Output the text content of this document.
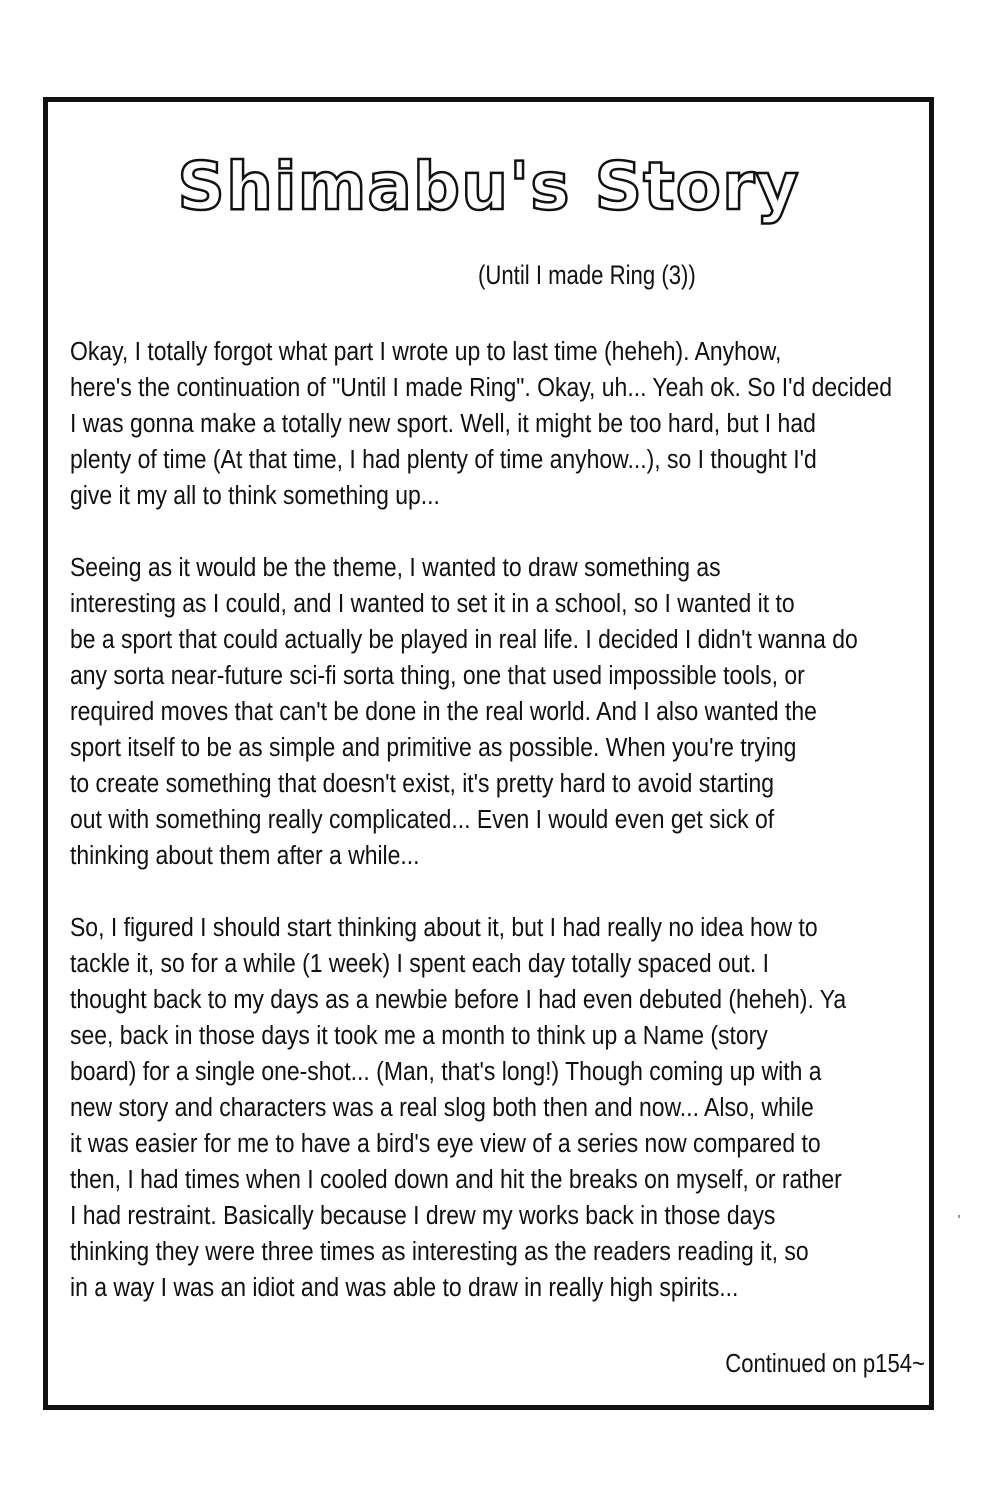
Shimabu's Story
(Until I made Ring (3))

Okay, I totally forgot what part I wrote up to last time (heheh). Anyhow,
here's the continuation of "Until I made Ring". Okay, uh... Yeah ok. So I'd decided
I was gonna make a totally new sport. Well, it might be too hard, but I had
plenty of time (At that time, I had plenty of time anyhow...), so I thought I'd
give it my all to think something up...

Seeing as it would be the theme, I wanted to draw something as
interesting as I could, and I wanted to set it in a school, so I wanted it to
be a sport that could actually be played in real life. I decided I didn't wanna do
any sorta near-future sci-fi sorta thing, one that used impossible tools, or
required moves that can't be done in the real world. And I also wanted the
sport itself to be as simple and primitive as possible. When you're trying
to create something that doesn't exist, it's pretty hard to avoid starting
out with something really complicated... Even I would even get sick of
thinking about them after a while...

So, I figured I should start thinking about it, but I had really no idea how to
tackle it, so for a while (1 week) I spent each day totally spaced out. I
thought back to my days as a newbie before I had even debuted (heheh). Ya
see, back in those days it took me a month to think up a Name (story
board) for a single one-shot... (Man, that's long!) Though coming up with a
new story and characters was a real slog both then and now... Also, while
it was easier for me to have a bird's eye view of a series now compared to
then, I had times when I cooled down and hit the breaks on myself, or rather
I had restraint. Basically because I drew my works back in those days
thinking they were three times as interesting as the readers reading it, so
in a way I was an idiot and was able to draw in really high spirits...

Continued on p154~
